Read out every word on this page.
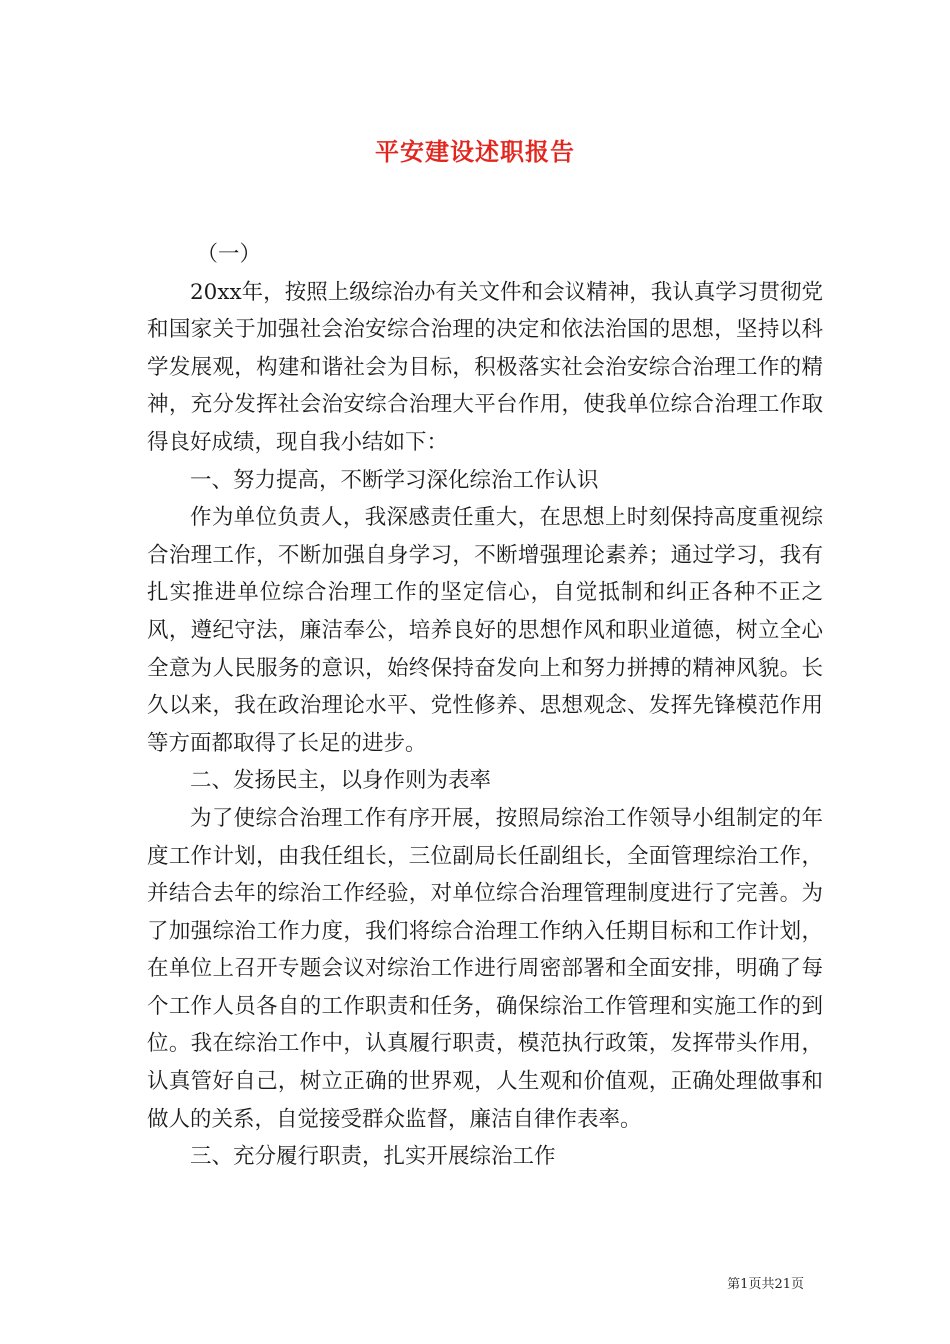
平安建设述职报告

（一）

20xx年，按照上级综治办有关文件和会议精神，我认真学习贯彻党和国家关于加强社会治安综合治理的决定和依法治国的思想，坚持以科学发展观，构建和谐社会为目标，积极落实社会治安综合治理工作的精神，充分发挥社会治安综合治理大平台作用，使我单位综合治理工作取得良好成绩，现自我小结如下：

一、努力提高，不断学习深化综治工作认识

作为单位负责人，我深感责任重大，在思想上时刻保持高度重视综合治理工作，不断加强自身学习，不断增强理论素养；通过学习，我有扎实推进单位综合治理工作的坚定信心，自觉抵制和纠正各种不正之风，遵纪守法，廉洁奉公，培养良好的思想作风和职业道德，树立全心全意为人民服务的意识，始终保持奋发向上和努力拼搏的精神风貌。长久以来，我在政治理论水平、党性修养、思想观念、发挥先锋模范作用等方面都取得了长足的进步。

二、发扬民主，以身作则为表率

为了使综合治理工作有序开展，按照局综治工作领导小组制定的年度工作计划，由我任组长，三位副局长任副组长，全面管理综治工作，并结合去年的综治工作经验，对单位综合治理管理制度进行了完善。为了加强综治工作力度，我们将综合治理工作纳入任期目标和工作计划，在单位上召开专题会议对综治工作进行周密部署和全面安排，明确了每个工作人员各自的工作职责和任务，确保综治工作管理和实施工作的到位。我在综治工作中，认真履行职责，模范执行政策，发挥带头作用，认真管好自己，树立正确的世界观，人生观和价值观，正确处理做事和做人的关系，自觉接受群众监督，廉洁自律作表率。

三、充分履行职责，扎实开展综治工作

第1页共21页
